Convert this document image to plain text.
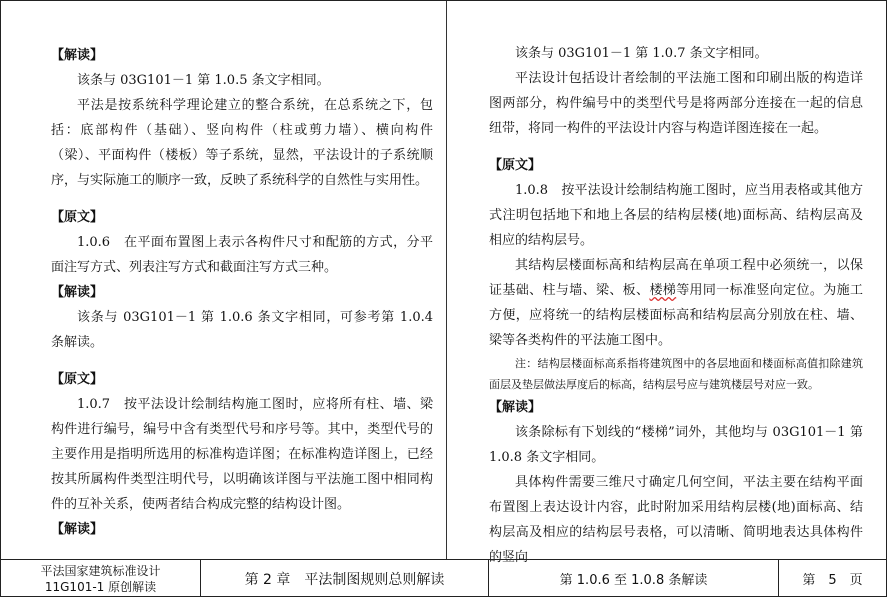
【解读】

该条与 03G101－1 第 1.0.5 条文字相同。

平法是按系统科学理论建立的整合系统，在总系统之下，包括：底部构件（基础）、竖向构件（柱或剪力墙）、横向构件（梁）、平面构件（楼板）等子系统，显然，平法设计的子系统顺序，与实际施工的顺序一致，反映了系统科学的自然性与实用性。

【原文】

1.0.6　在平面布置图上表示各构件尺寸和配筋的方式，分平面注写方式、列表注写方式和截面注写方式三种。

【解读】

该条与 03G101－1 第 1.0.6 条文字相同，可参考第 1.0.4 条解读。

【原文】

1.0.7　按平法设计绘制结构施工图时，应将所有柱、墙、梁构件进行编号，编号中含有类型代号和序号等。其中，类型代号的主要作用是指明所选用的标准构造详图；在标准构造详图上，已经按其所属构件类型注明代号，以明确该详图与平法施工图中相同构件的互补关系，使两者结合构成完整的结构设计图。

【解读】

该条与 03G101－1 第 1.0.7 条文字相同。

平法设计包括设计者绘制的平法施工图和印刷出版的构造详图两部分，构件编号中的类型代号是将两部分连接在一起的信息纽带，将同一构件的平法设计内容与构造详图连接在一起。

【原文】

1.0.8　按平法设计绘制结构施工图时，应当用表格或其他方式注明包括地下和地上各层的结构层楼(地)面标高、结构层高及相应的结构层号。

其结构层楼面标高和结构层高在单项工程中必须统一，以保证基础、柱与墙、梁、板、楼梯等用同一标准竖向定位。为施工方便，应将统一的结构层楼面标高和结构层高分别放在柱、墙、梁等各类构件的平法施工图中。

注：结构层楼面标高系指将建筑图中的各层地面和楼面标高值扣除建筑面层及垫层做法厚度后的标高，结构层号应与建筑楼层号对应一致。

【解读】

该条除标有下划线的“楼梯”词外，其他均与 03G101－1 第 1.0.8 条文字相同。

具体构件需要三维尺寸确定几何空间，平法主要在结构平面布置图上表达设计内容，此时附加采用结构层楼(地)面标高、结构层高及相应的结构层号表格，可以清晰、简明地表达具体构件的竖向

平法国家建筑标准设计
11G101-1 原创解读	第 2 章　平法制图规则总则解读	第 1.0.6 至 1.0.8 条解读	第　5　页
